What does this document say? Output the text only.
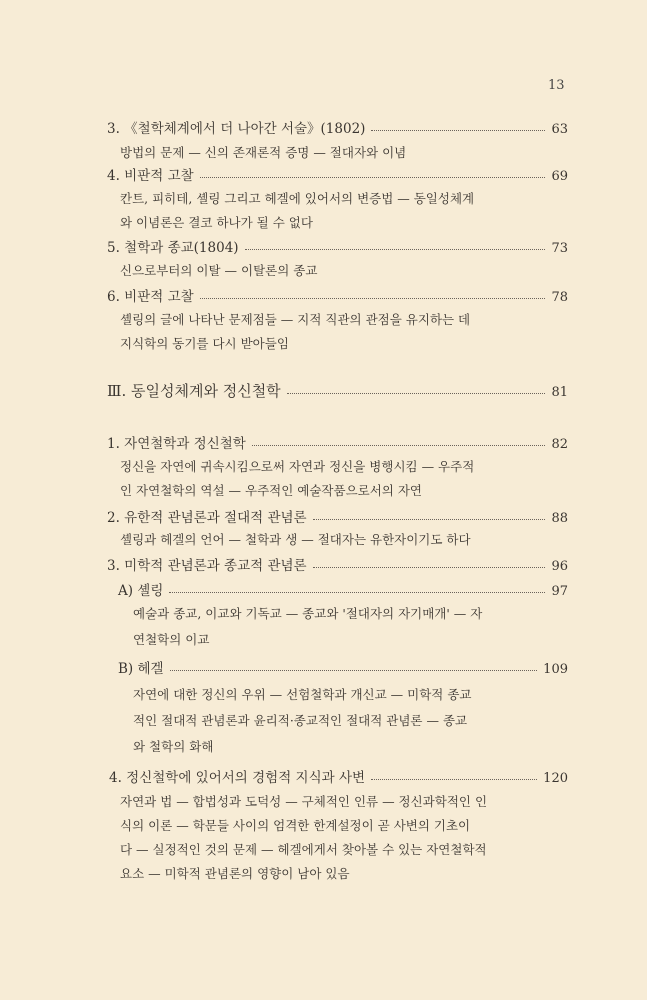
13
3. 《철학체계에서 더 나아간 서술》(1802)	63
방법의 문제 — 신의 존재론적 증명 — 절대자와 이념
4. 비판적 고찰	69
칸트, 피히테, 셸링 그리고 헤겔에 있어서의 변증법 — 동일성체계
와 이념론은 결코 하나가 될 수 없다
5. 철학과 종교(1804)	73
신으로부터의 이탈 — 이탈론의 종교
6. 비판적 고찰	78
셸링의 글에 나타난 문제점들 — 지적 직관의 관점을 유지하는 데
지식학의 동기를 다시 받아들임
Ⅲ. 동일성체계와 정신철학	81
1. 자연철학과 정신철학	82
정신을 자연에 귀속시킴으로써 자연과 정신을 병행시킴 — 우주적
인 자연철학의 역설 — 우주적인 예술작품으로서의 자연
2. 유한적 관념론과 절대적 관념론	88
셸링과 헤겔의 언어 — 철학과 생 — 절대자는 유한자이기도 하다
3. 미학적 관념론과 종교적 관념론	96
A) 셸링	97
예술과 종교, 이교와 기독교 — 종교와 '절대자의 자기매개' — 자
연철학의 이교
B) 헤겔	109
자연에 대한 정신의 우위 — 선험철학과 개신교 — 미학적 종교
적인 절대적 관념론과 윤리적·종교적인 절대적 관념론 — 종교
와 철학의 화해
4. 정신철학에 있어서의 경험적 지식과 사변	120
자연과 법 — 합법성과 도덕성 — 구체적인 인류 — 정신과학적인 인
식의 이론 — 학문들 사이의 엄격한 한계설정이 곧 사변의 기초이
다 — 실정적인 것의 문제 — 헤겔에게서 찾아볼 수 있는 자연철학적
요소 — 미학적 관념론의 영향이 남아 있음
